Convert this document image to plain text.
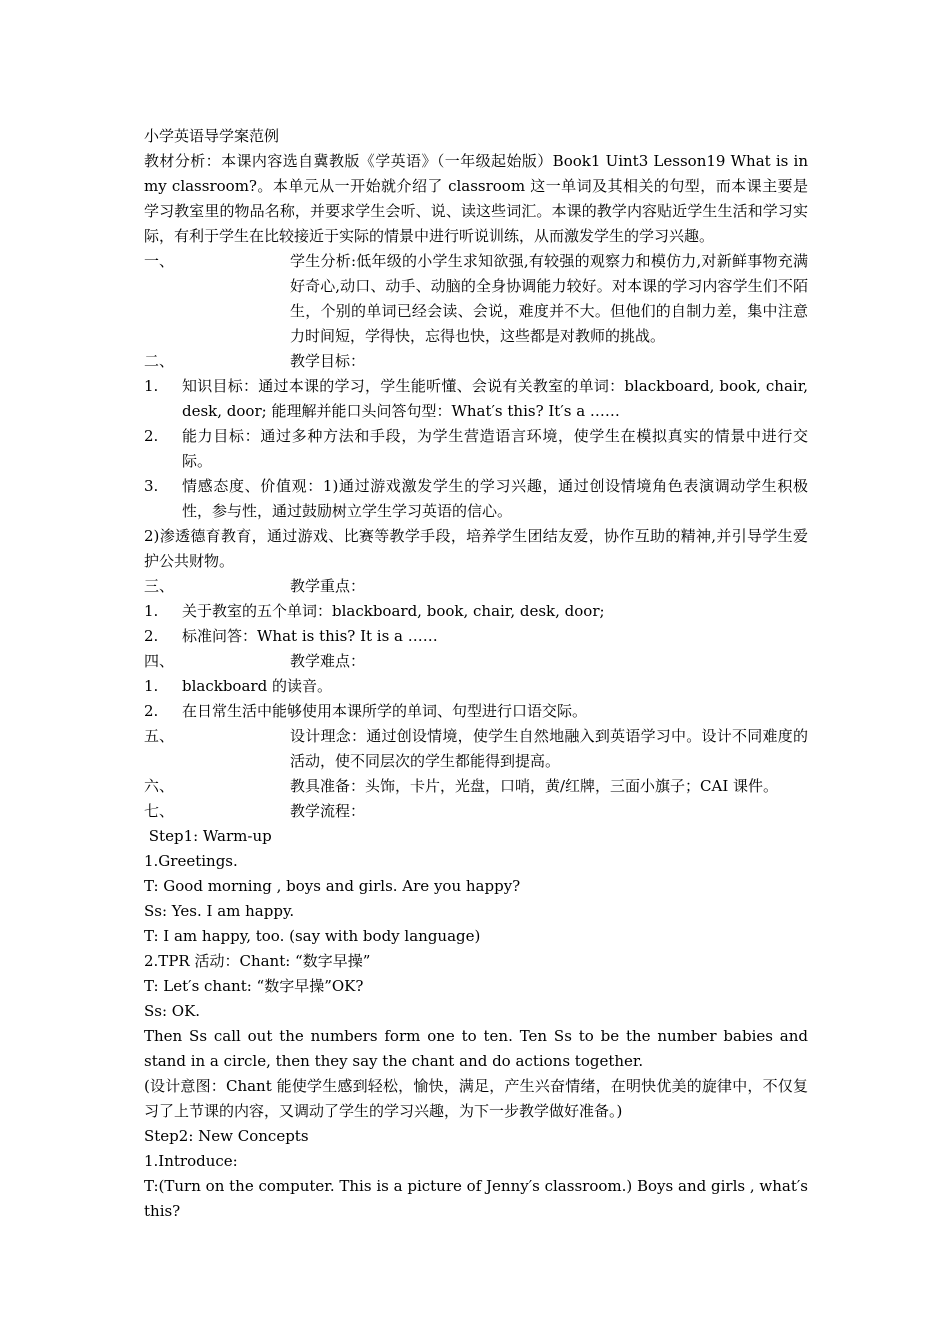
小学英语导学案范例

教材分析：本课内容选自冀教版《学英语》（一年级起始版）Book1 Uint3 Lesson19 What is in my classroom?。本单元从一开始就介绍了 classroom 这一单词及其相关的句型，而本课主要是学习教室里的物品名称，并要求学生会听、说、读这些词汇。本课的教学内容贴近学生生活和学习实际，有利于学生在比较接近于实际的情景中进行听说训练，从而激发学生的学习兴趣。

一、	学生分析:低年级的小学生求知欲强,有较强的观察力和模仿力,对新鲜事物充满好奇心,动口、动手、动脑的全身协调能力较好。对本课的学习内容学生们不陌生，个别的单词已经会读、会说，难度并不大。但他们的自制力差，集中注意力时间短，学得快，忘得也快，这些都是对教师的挑战。
二、	教学目标：
1.	知识目标：通过本课的学习，学生能听懂、会说有关教室的单词：blackboard, book, chair, desk, door; 能理解并能口头问答句型：What′s this? It′s a ……
2.	能力目标：通过多种方法和手段，为学生营造语言环境，使学生在模拟真实的情景中进行交际。
3.	情感态度、价值观：1)通过游戏激发学生的学习兴趣，通过创设情境角色表演调动学生积极性，参与性，通过鼓励树立学生学习英语的信心。

2)渗透德育教育，通过游戏、比赛等教学手段，培养学生团结友爱，协作互助的精神,并引导学生爱护公共财物。

三、	教学重点：
1.	关于教室的五个单词：blackboard, book, chair, desk, door;
2.	标准问答：What is this? It is a ……
四、	教学难点：
1.	blackboard 的读音。
2.	在日常生活中能够使用本课所学的单词、句型进行口语交际。
五、	设计理念：通过创设情境，使学生自然地融入到英语学习中。设计不同难度的活动，使不同层次的学生都能得到提高。
六、	教具准备：头饰，卡片，光盘，口哨，黄/红牌，三面小旗子；CAI 课件。
七、	教学流程：

Step1: Warm-up

1.Greetings.

T: Good morning , boys and girls. Are you happy?

Ss: Yes. I am happy.

T: I am happy, too. (say with body language)

2.TPR 活动：Chant: “数字早操”

T: Let′s chant: “数字早操”OK?

Ss: OK.

Then Ss call out the numbers form one to ten. Ten Ss to be the number babies and stand in a circle, then they say the chant and do actions together.

(设计意图：Chant 能使学生感到轻松，愉快，满足，产生兴奋情绪，在明快优美的旋律中，不仅复习了上节课的内容，又调动了学生的学习兴趣，为下一步教学做好准备。)

Step2: New Concepts

1.Introduce:

T:(Turn on the computer. This is a picture of Jenny′s classroom.) Boys and girls , what′s this?
